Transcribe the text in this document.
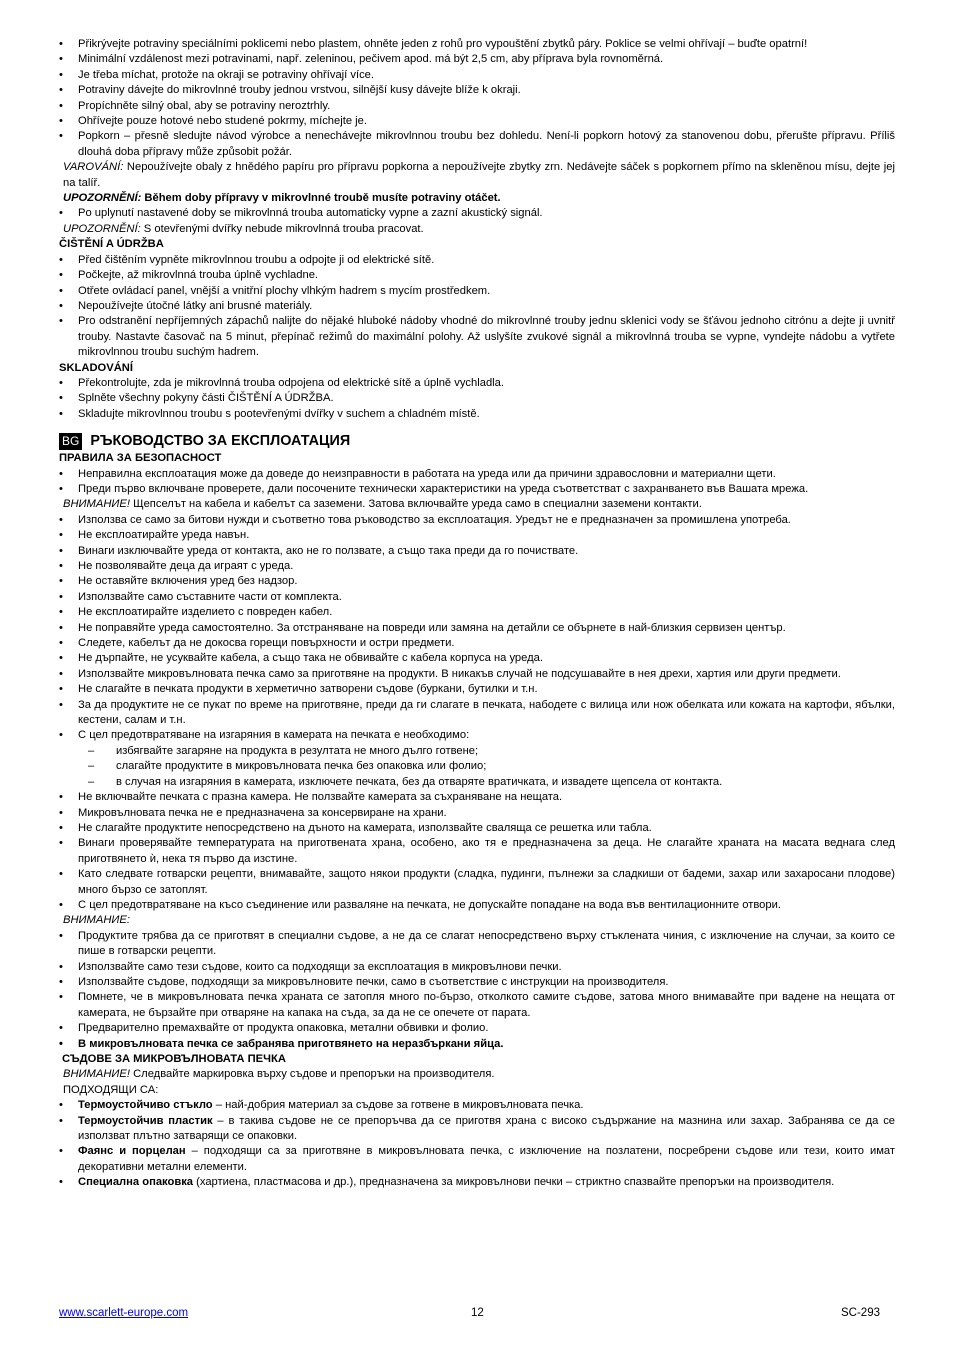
• Přikrývejte potraviny speciálními poklicemi nebo plastem, ohněte jeden z rohů pro vypouštění zbytků páry. Poklice se velmi ohřívají – buďte opatrní!
• Minimální vzdálenost mezi potravinami, např. zeleninou, pečivem apod. má být 2,5 cm, aby příprava byla rovnoměrná.
• Je třeba míchat, protože na okraji se potraviny ohřívají více.
• Potraviny dávejte do mikrovlnné trouby jednou vrstvou, silnější kusy dávejte blíže k okraji.
• Propíchněte silný obal, aby se potraviny neroztrhly.
• Ohřívejte pouze hotové nebo studené pokrmy, míchejte je.
• Popkorn – přesně sledujte návod výrobce a nenechávejte mikrovlnnou troubu bez dohledu. Není-li popkorn hotový za stanovenou dobu, přerušte přípravu. Příliš dlouhá doba přípravy může způsobit požár.
VAROVÁNÍ: Nepoužívejte obaly z hnědého papíru pro přípravu popkorna a nepoužívejte zbytky zrn. Nedávejte sáček s popkornem přímo na skleněnou mísu, dejte jej na talíř.
UPOZORNĚNÍ: Během doby přípravy v mikrovlnné troubě musíte potraviny otáčet.
• Po uplynutí nastavené doby se mikrovlnná trouba automaticky vypne a zazní akustický signál.
UPOZORNĚNÍ: S otevřenými dvířky nebude mikrovlnná trouba pracovat.
ČIŠTĚNÍ A ÚDRŽBA
• Před čištěním vypněte mikrovlnnou troubu a odpojte ji od elektrické sítě.
• Počkejte, až mikrovlnná trouba úplně vychladne.
• Otřete ovládací panel, vnější a vnitřní plochy vlhkým hadrem s mycím prostředkem.
• Nepoužívejte útočné látky ani brusné materiály.
• Pro odstranění nepříjemných zápachů nalijte do nějaké hluboké nádoby vhodné do mikrovlnné trouby jednu sklenici vody se šťávou jednoho citrónu a dejte ji uvnitř trouby. Nastavte časovač na 5 minut, přepínač režimů do maximální polohy. Až uslyšíte zvukové signál a mikrovlnná trouba se vypne, vyndejte nádobu a vytřete mikrovlnnou troubu suchým hadrem.
SKLADOVÁNÍ
• Překontrolujte, zda je mikrovlnná trouba odpojena od elektrické sítě a úplně vychladla.
• Splněte všechny pokyny části ČIŠTĚNÍ A ÚDRŽBA.
• Skladujte mikrovlnnou troubu s pootevřenými dvířky v suchem a chladném místě.
BG РЪКОВОДСТВО ЗА ЕКСПЛОАТАЦИЯ
ПРАВИЛА ЗА БЕЗОПАСНОСТ
• Неправилна експлоатация може да доведе до неизправности в работата на уреда или да причини здравословни и материални щети.
• Преди първо включване проверете, дали посочените технически характеристики на уреда съответстват с захранването във Вашата мрежа.
ВНИМАНИЕ! Щепселът на кабела и кабелът са заземени. Затова включвайте уреда само в специални заземени контакти.
• Използва се само за битови нужди и съответно това ръководство за експлоатация. Уредът не е предназначен за промишлена употреба.
• Не експлоатирайте уреда навън.
• Винаги изключвайте уреда от контакта, ако не го ползвате, а също така преди да го почиствате.
• Не позволявайте деца да играят с уреда.
• Не оставяйте включения уред без надзор.
• Използвайте само съставните части от комплекта.
• Не експлоатирайте изделието с повреден кабел.
• Не поправяйте уреда самостоятелно. За отстраняване на повреди или замяна на детайли се обърнете в най-близкия сервизен център.
• Следете, кабелът да не докосва горещи повърхности и остри предмети.
• Не дърпайте, не усуквайте кабела, а също така не обвивайте с кабела корпуса на уреда.
• Използвайте микровълновата печка само за приготвяне на продукти. В никакъв случай не подсушавайте в нея дрехи, хартия или други предмети.
• Не слагайте в печката продукти в херметично затворени съдове (буркани, бутилки и т.н.
• За да продуктите не се пукат по време на приготвяне, преди да ги слагате в печката, набодете с вилица или нож обелката или кожата на картофи, ябълки, кестени, салам и т.н.
• С цел предотвратяване на изгаряния в камерата на печката е необходимо:
– избягвайте загаряне на продукта в резултата не много дълго готвене;
– слагайте продуктите в микровълновата печка без опаковка или фолио;
– в случая на изгаряния в камерата, изключете печката, без да отваряте вратичката, и извадете щепсела от контакта.
• Не включвайте печката с празна камера. Не ползвайте камерата за съхраняване на нещата.
• Микровълновата печка не е предназначена за консервиране на храни.
• Не слагайте продуктите непосредствено на дъното на камерата, използвайте сваляща се решетка или табла.
• Винаги проверявайте температурата на приготвената храна, особено, ако тя е предназначена за деца. Не слагайте храната на масата веднага след приготвянето ѝ, нека тя първо да изстине.
• Като следвате готварски рецепти, внимавайте, защото някои продукти (сладка, пудинги, пълнежи за сладкиши от бадеми, захар или захаросани плодове) много бързо се затоплят.
• С цел предотвратяване на късо съединение или разваляне на печката, не допускайте попадане на вода във вентилационните отвори.
ВНИМАНИЕ:
• Продуктите трябва да се приготвят в специални съдове, а не да се слагат непосредствено върху стъклената чиния, с изключение на случаи, за които се пише в готварски рецепти.
• Използвайте само тези съдове, които са подходящи за експлоатация в микровълнови печки.
• Използвайте съдове, подходящи за микровълновите печки, само в съответствие с инструкции на производителя.
• Помнете, че в микровълновата печка храната се затопля много по-бързо, отколкото самите съдове, затова много внимавайте при вадене на нещата от камерата, не бързайте при отваряне на капака на съда, за да не се опечете от парата.
• Предварително премахвайте от продукта опаковка, метални обвивки и фолио.
• В микровълновата печка се забранява приготвянето на неразбъркани яйца.
СЪДОВЕ ЗА МИКРОВЪЛНОВАТА ПЕЧКА
ВНИМАНИЕ! Следвайте маркировка върху съдове и препоръки на производителя.
ПОДХОДЯЩИ СА:
• Термоустойчиво стъкло – най-добрия материал за съдове за готвене в микровълновата печка.
• Термоустойчив пластик – в такива съдове не се препоръчва да се приготвя храна с високо съдържание на мазнина или захар. Забранява се да се използват плътно затварящи се опаковки.
• Фаянс и порцелан – подходящи са за приготвяне в микровълновата печка, с изключение на позлатени, посребрени съдове или тези, които имат декоративни метални елементи.
• Специална опаковка (хартиена, пластмасова и др.), предназначена за микровълнови печки – стриктно спазвайте препоръки на производителя.
www.scarlett-europe.com	12	SC-293
